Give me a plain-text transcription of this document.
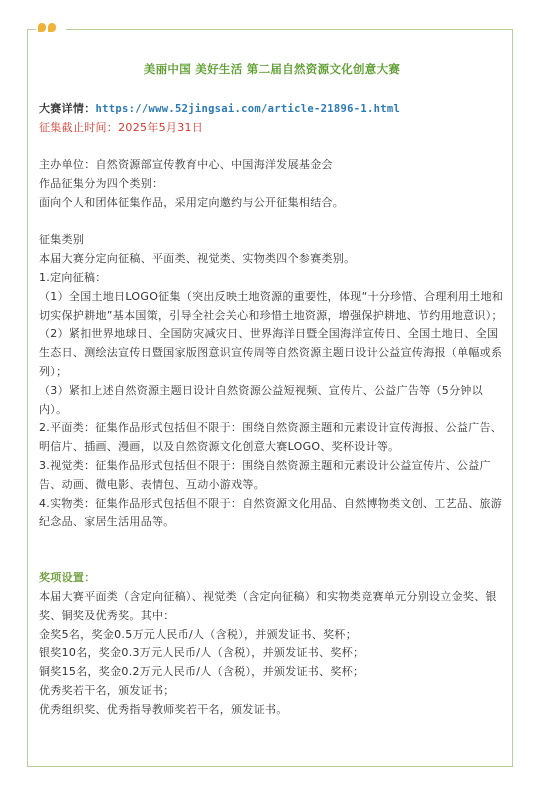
美丽中国 美好生活 第二届自然资源文化创意大赛

大赛详情：https://www.52jingsai.com/article-21896-1.html

征集截止时间：2025年5月31日

主办单位：自然资源部宣传教育中心、中国海洋发展基金会

作品征集分为四个类别：

面向个人和团体征集作品，采用定向邀约与公开征集相结合。

征集类别

本届大赛分定向征稿、平面类、视觉类、实物类四个参赛类别。

1.定向征稿：

（1）全国土地日LOGO征集（突出反映土地资源的重要性，体现“十分珍惜、合理利用土地和切实保护耕地”基本国策，引导全社会关心和珍惜土地资源，增强保护耕地、节约用地意识）；

（2）紧扣世界地球日、全国防灾减灾日、世界海洋日暨全国海洋宣传日、全国土地日、全国生态日、测绘法宣传日暨国家版图意识宣传周等自然资源主题日设计公益宣传海报（单幅或系列）；

（3）紧扣上述自然资源主题日设计自然资源公益短视频、宣传片、公益广告等（5分钟以内）。

2.平面类：征集作品形式包括但不限于：围绕自然资源主题和元素设计宣传海报、公益广告、明信片、插画、漫画，以及自然资源文化创意大赛LOGO、奖杯设计等。

3.视觉类：征集作品形式包括但不限于：围绕自然资源主题和元素设计公益宣传片、公益广告、动画、微电影、表情包、互动小游戏等。

4.实物类：征集作品形式包括但不限于：自然资源文化用品、自然博物类文创、工艺品、旅游纪念品、家居生活用品等。

奖项设置：

本届大赛平面类（含定向征稿）、视觉类（含定向征稿）和实物类竞赛单元分别设立金奖、银奖、铜奖及优秀奖。其中：

金奖5名，奖金0.5万元人民币/人（含税），并颁发证书、奖杯；

银奖10名，奖金0.3万元人民币/人（含税），并颁发证书、奖杯；

铜奖15名，奖金0.2万元人民币/人（含税），并颁发证书、奖杯；

优秀奖若干名，颁发证书；

优秀组织奖、优秀指导教师奖若干名，颁发证书。
